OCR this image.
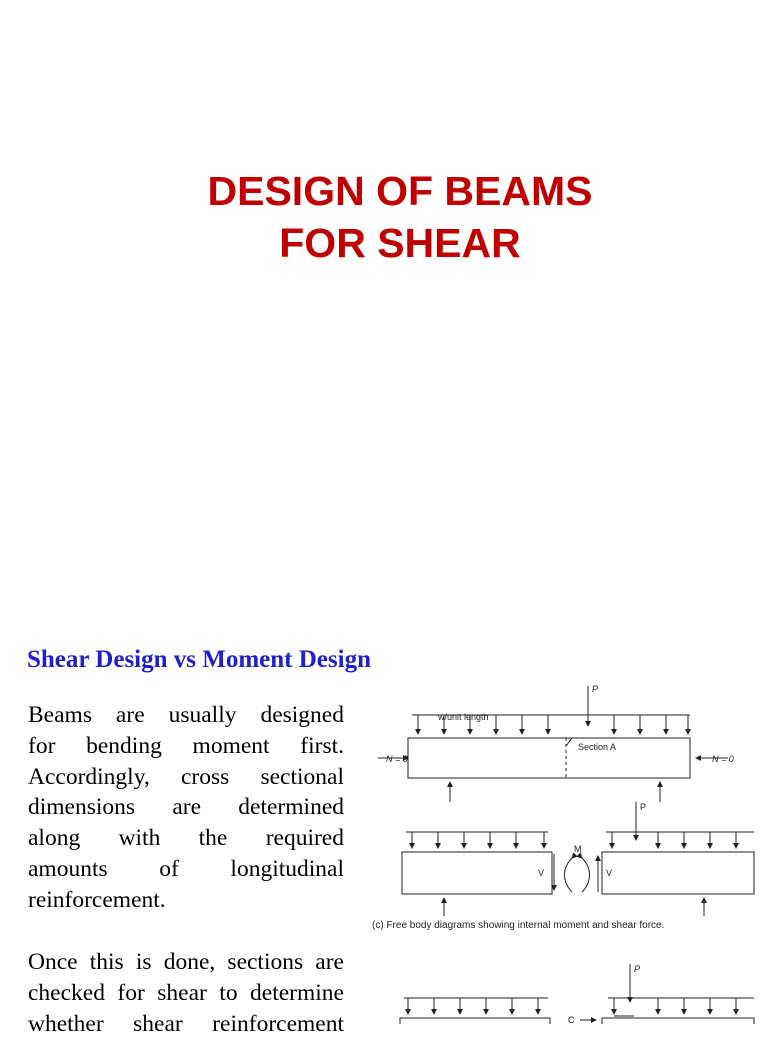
DESIGN OF BEAMS
FOR SHEAR
Shear Design vs Moment Design

Beams are usually designed
for bending moment first.
Accordingly, cross sectional
dimensions are determined
along with the required
amounts of longitudinal
reinforcement.

Once this is done, sections are
checked for shear to determine
whether shear reinforcement

P
w/unit length
Section A
N = 0	N = 0
P
M
V	V
(c) Free body diagrams showing internal moment and shear force.
P
C
